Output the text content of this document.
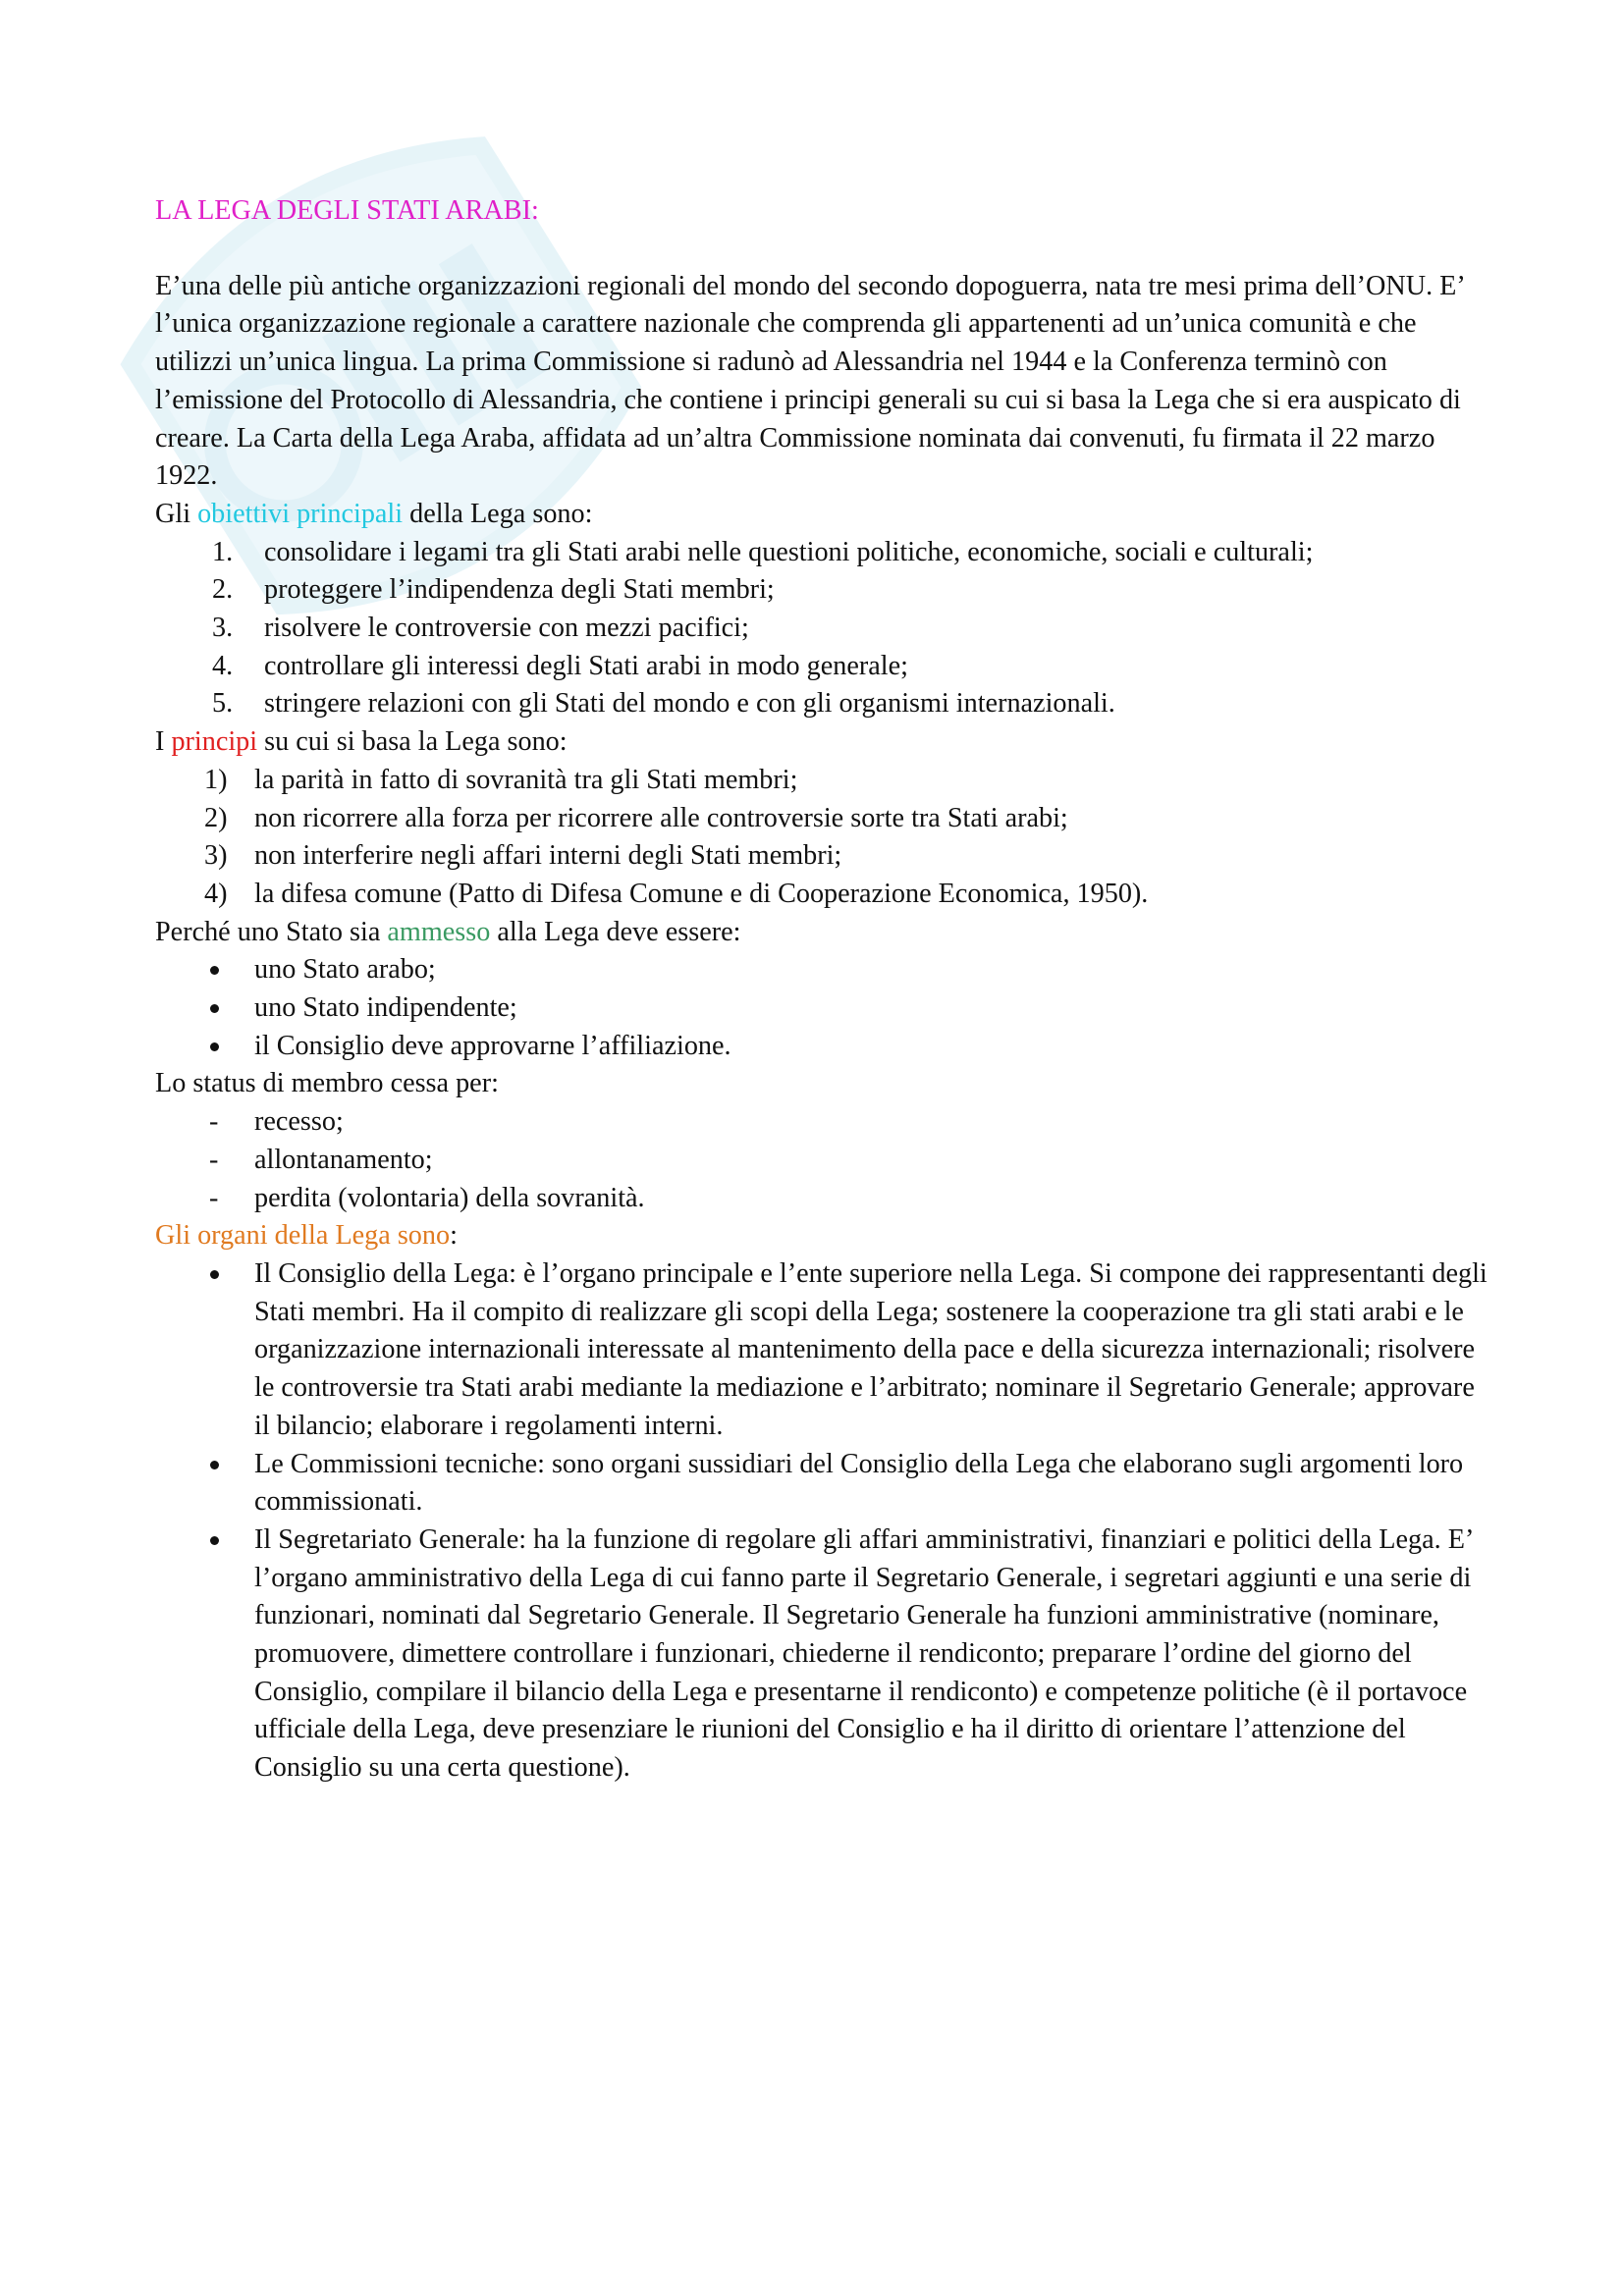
LA LEGA DEGLI STATI ARABI:

E’una delle più antiche organizzazioni regionali del mondo del secondo dopoguerra, nata tre mesi prima dell’ONU. E’ l’unica organizzazione regionale a carattere nazionale che comprenda gli appartenenti ad un’unica comunità e che utilizzi un’unica lingua. La prima Commissione si radunò ad Alessandria nel 1944 e la Conferenza terminò con l’emissione del Protocollo di Alessandria, che contiene i principi generali su cui si basa la Lega che si era auspicato di creare. La Carta della Lega Araba, affidata ad un’altra Commissione nominata dai convenuti, fu firmata il 22 marzo 1922.

Gli obiettivi principali della Lega sono:

1.	consolidare i legami tra gli Stati arabi nelle questioni politiche, economiche, sociali e culturali;
2.	proteggere l’indipendenza degli Stati membri;
3.	risolvere le controversie con mezzi pacifici;
4.	controllare gli interessi degli Stati arabi in modo generale;
5.	stringere relazioni con gli Stati del mondo e con gli organismi internazionali.

I principi su cui si basa la Lega sono:

1) la parità in fatto di sovranità tra gli Stati membri;
2) non ricorrere alla forza per ricorrere alle controversie sorte tra Stati arabi;
3) non interferire negli affari interni degli Stati membri;
4) la difesa comune (Patto di Difesa Comune e di Cooperazione Economica, 1950).

Perché uno Stato sia ammesso alla Lega deve essere:

uno Stato arabo;
uno Stato indipendente;
il Consiglio deve approvarne l’affiliazione.

Lo status di membro cessa per:

- recesso;
- allontanamento;
- perdita (volontaria) della sovranità.

Gli organi della Lega sono:

Il Consiglio della Lega: è l’organo principale e l’ente superiore nella Lega. Si compone dei rappresentanti degli Stati membri. Ha il compito di realizzare gli scopi della Lega; sostenere la cooperazione tra gli stati arabi e le organizzazione internazionali interessate al mantenimento della pace e della sicurezza internazionali; risolvere le controversie tra Stati arabi mediante la mediazione e l’arbitrato; nominare il Segretario Generale; approvare il bilancio; elaborare i regolamenti interni.
Le Commissioni tecniche: sono organi sussidiari del Consiglio della Lega che elaborano sugli argomenti loro commissionati.
Il Segretariato Generale: ha la funzione di regolare gli affari amministrativi, finanziari e politici della Lega. E’ l’organo amministrativo della Lega di cui fanno parte il Segretario Generale, i segretari aggiunti e una serie di funzionari, nominati dal Segretario Generale. Il Segretario Generale ha funzioni amministrative (nominare, promuovere, dimettere controllare i funzionari, chiederne il rendiconto; preparare l’ordine del giorno del Consiglio, compilare il bilancio della Lega e presentarne il rendiconto) e competenze politiche (è il portavoce ufficiale della Lega, deve presenziare le riunioni del Consiglio e ha il diritto di orientare l’attenzione del Consiglio su una certa questione).
